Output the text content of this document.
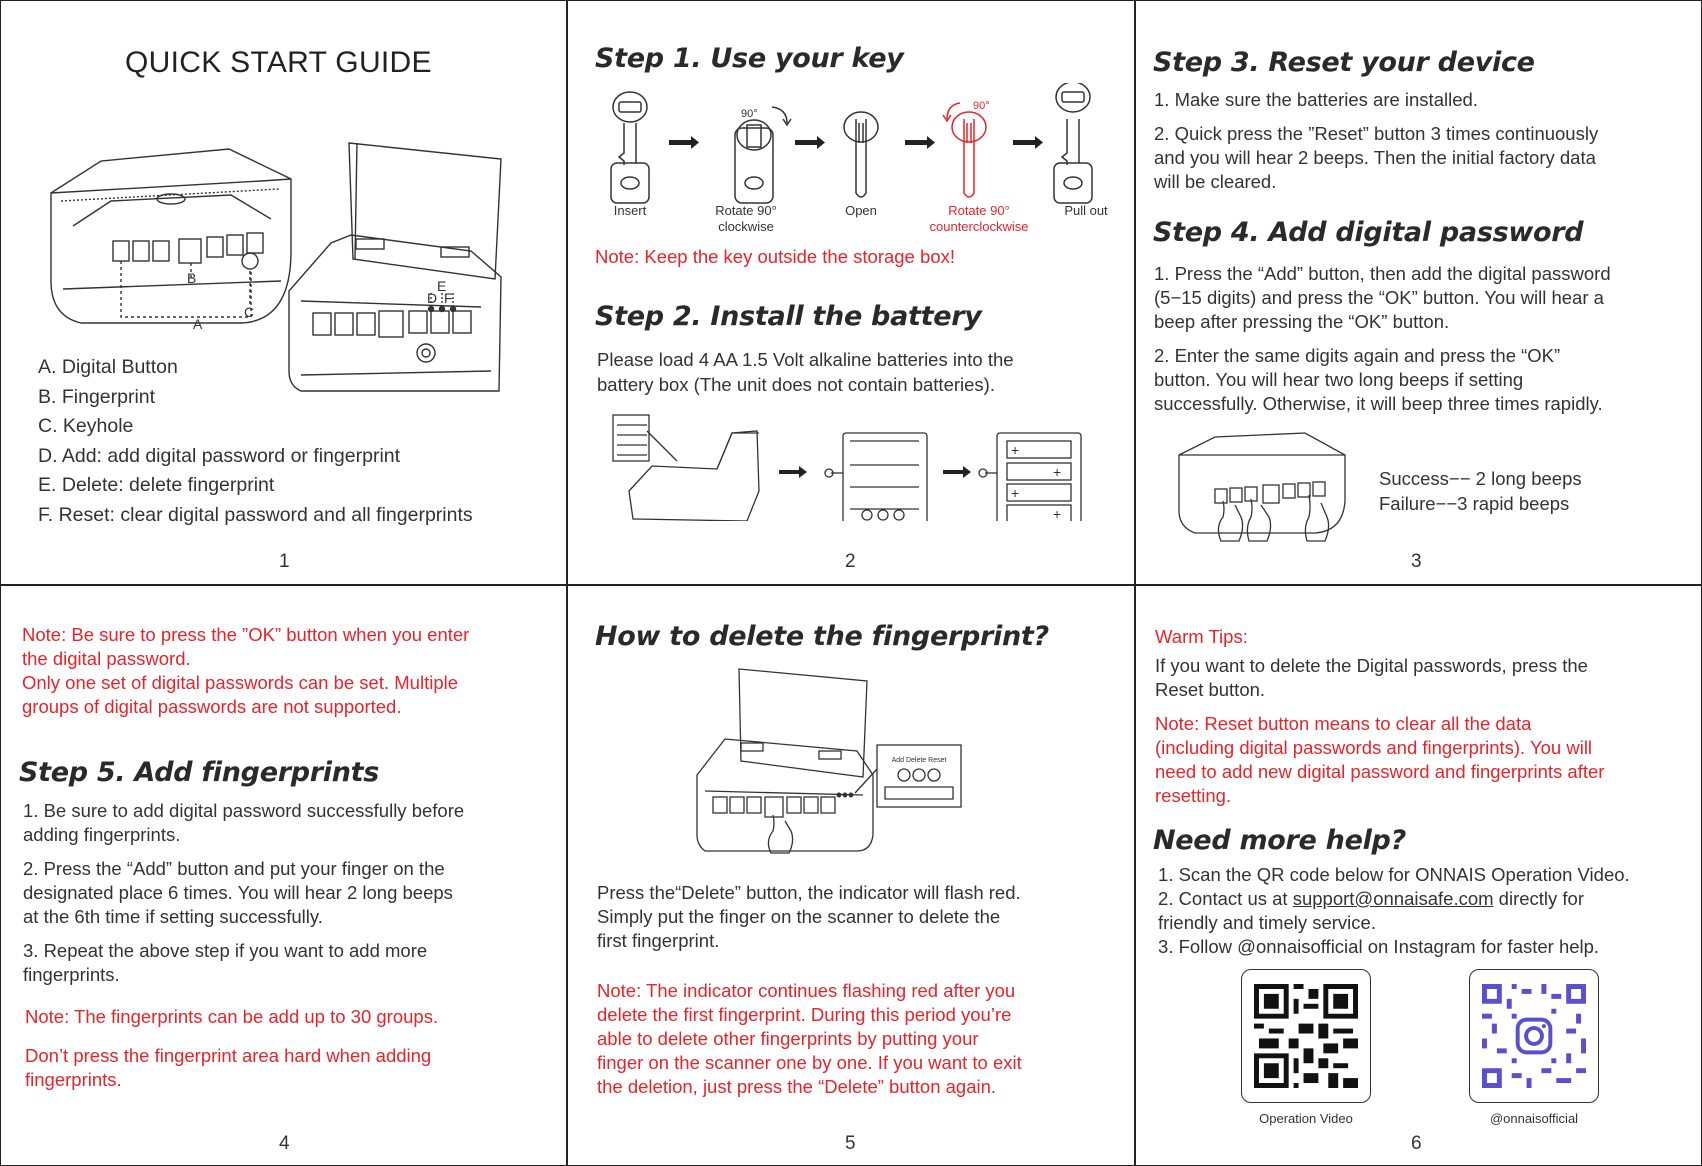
QUICK START GUIDE
B
A
C
E
D F
A. Digital Button
B. Fingerprint
C. Keyhole
D. Add: add digital password or fingerprint
E. Delete: delete fingerprint
F. Reset: clear digital password and all fingerprints
1
Step 1. Use your key
90°
90°
Insert	Rotate 90°
clockwise
Open	Rotate 90°
counterclockwise
Pull out
Note: Keep the key outside the storage box!
Step 2. Install the battery
Please load 4 AA 1.5 Volt alkaline batteries into the
battery box (The unit does not contain batteries).
+
+
+
+
2
Step 3. Reset your device
1. Make sure the batteries are installed.
2. Quick press the ”Reset” button 3 times continuously
and you will hear 2 beeps. Then the initial factory data
will be cleared.
Step 4. Add digital password
1. Press the “Add” button, then add the digital password
(5−15 digits) and press the “OK” button. You will hear a
beep after pressing the “OK” button.
2. Enter the same digits again and press the “OK”
button. You will hear two long beeps if setting
successfully. Otherwise, it will beep three times rapidly.
Success−− 2 long beeps
Failure−−3 rapid beeps
3
Note: Be sure to press the ”OK” button when you enter
the digital password.
Only one set of digital passwords can be set. Multiple
groups of digital passwords are not supported.
Step 5. Add fingerprints
1. Be sure to add digital password successfully before
adding fingerprints.
2. Press the “Add” button and put your finger on the
designated place 6 times. You will hear 2 long beeps
at the 6th time if setting successfully.
3. Repeat the above step if you want to add more
fingerprints.
Note: The fingerprints can be add up to 30 groups.
Don’t press the fingerprint area hard when adding
fingerprints.
4
How to delete the fingerprint?
Add Delete Reset
Press the“Delete” button, the indicator will flash red.
Simply put the finger on the scanner to delete the
first fingerprint.
Note: The indicator continues flashing red after you
delete the first fingerprint. During this period you’re
able to delete other fingerprints by putting your
finger on the scanner one by one. If you want to exit
the deletion, just press the “Delete” button again.
5
Warm Tips:
If you want to delete the Digital passwords, press the
Reset button.
Note: Reset button means to clear all the data
(including digital passwords and fingerprints). You will
need to add new digital password and fingerprints after
resetting.
Need more help?
1. Scan the QR code below for ONNAIS Operation Video.
2. Contact us at support@onnaisafe.com directly for
friendly and timely service.
3. Follow @onnaisofficial on Instagram for faster help.
Operation Video	@onnaisofficial
6
